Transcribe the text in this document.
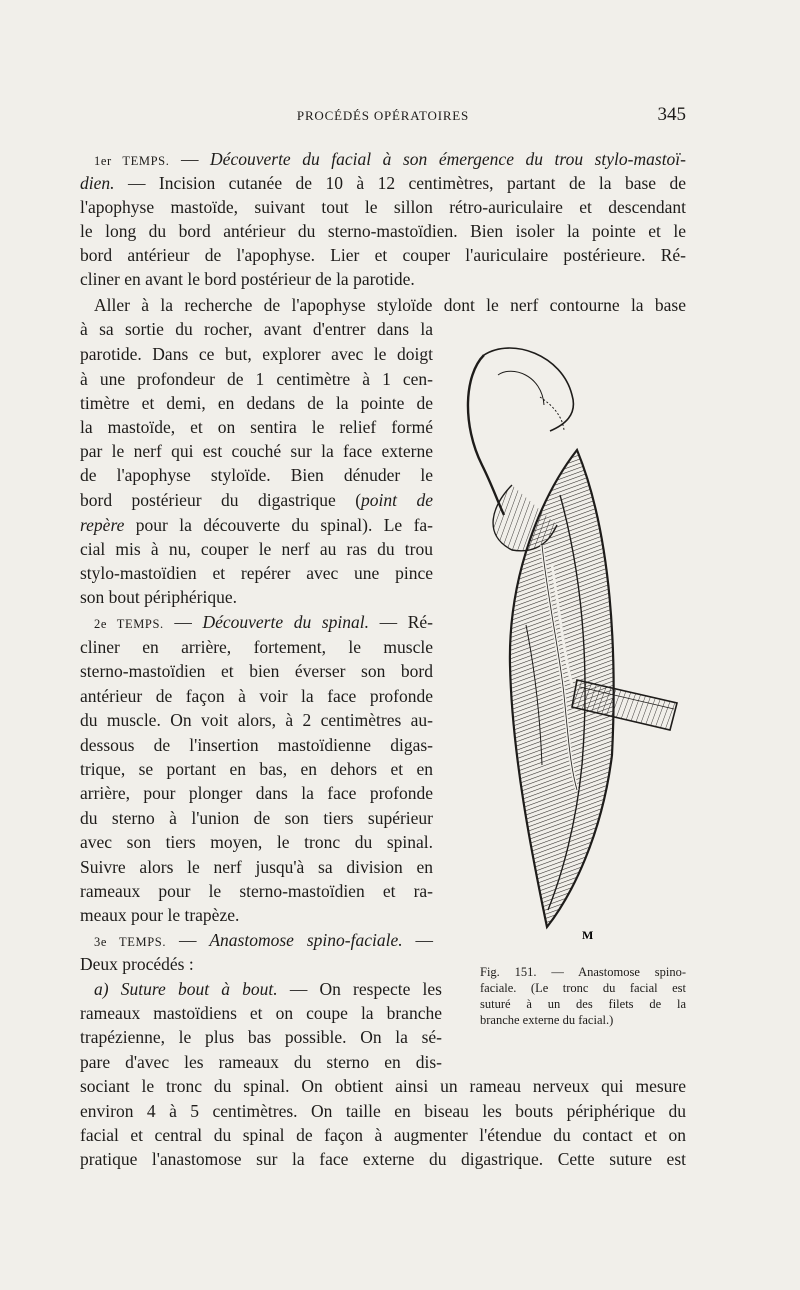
PROCÉDÉS OPÉRATOIRES	345
1er TEMPS. — Découverte du facial à son émergence du trou stylo-mastoï-
dien. — Incision cutanée de 10 à 12 centimètres, partant de la base de
l'apophyse mastoïde, suivant tout le sillon rétro-auriculaire et descendant
le long du bord antérieur du sterno-mastoïdien. Bien isoler la pointe et le
bord antérieur de l'apophyse. Lier et couper l'auriculaire postérieure. Ré-
cliner en avant le bord postérieur de la parotide.
Aller à la recherche de l'apophyse styloïde dont le nerf contourne la base
à sa sortie du rocher, avant d'entrer dans la
parotide. Dans ce but, explorer avec le doigt
à une profondeur de 1 centimètre à 1 cen-
timètre et demi, en dedans de la pointe de
la mastoïde, et on sentira le relief formé
par le nerf qui est couché sur la face externe
de l'apophyse styloïde. Bien dénuder le
bord postérieur du digastrique (point de
repère pour la découverte du spinal). Le fa-
cial mis à nu, couper le nerf au ras du trou
stylo-mastoïdien et repérer avec une pince
son bout périphérique.
2e TEMPS. — Découverte du spinal. — Ré-
cliner en arrière, fortement, le muscle
sterno-mastoïdien et bien éverser son bord
antérieur de façon à voir la face profonde
du muscle. On voit alors, à 2 centimètres au-
dessous de l'insertion mastoïdienne digas-
trique, se portant en bas, en dehors et en
arrière, pour plonger dans la face profonde
du sterno à l'union de son tiers supérieur
avec son tiers moyen, le tronc du spinal.
Suivre alors le nerf jusqu'à sa division en
rameaux pour le sterno-mastoïdien et ra-
meaux pour le trapèze.
3e TEMPS. — Anastomose spino-faciale. —
Deux procédés :
a) Suture bout à bout. — On respecte les
rameaux mastoïdiens et on coupe la branche
trapézienne, le plus bas possible. On la sé-
pare d'avec les rameaux du sterno en dis-
sociant le tronc du spinal. On obtient ainsi un rameau nerveux qui mesure
environ 4 à 5 centimètres. On taille en biseau les bouts périphérique du
facial et central du spinal de façon à augmenter l'étendue du contact et on
pratique l'anastomose sur la face externe du digastrique. Cette suture est
M
Fig. 151. — Anastomose spino-
faciale. (Le tronc du facial est
suturé à un des filets de la
branche externe du facial.)
